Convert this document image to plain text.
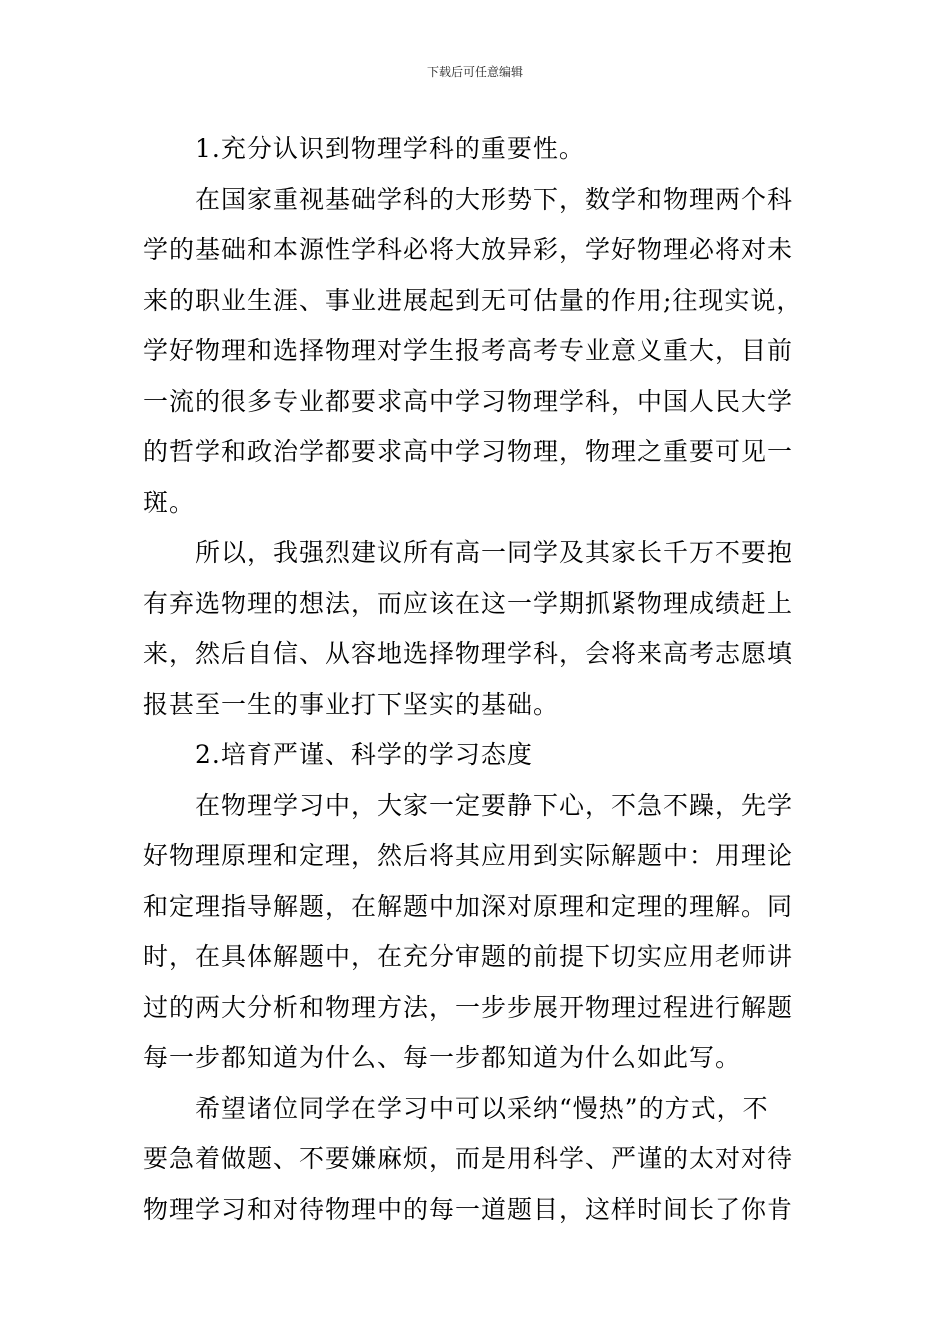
下载后可任意编辑
1.充分认识到物理学科的重要性。
在国家重视基础学科的大形势下，数学和物理两个科
学的基础和本源性学科必将大放异彩，学好物理必将对未
来的职业生涯、事业进展起到无可估量的作用;往现实说，
学好物理和选择物理对学生报考高考专业意义重大，目前
一流的很多专业都要求高中学习物理学科，中国人民大学
的哲学和政治学都要求高中学习物理，物理之重要可见一
斑。
所以，我强烈建议所有高一同学及其家长千万不要抱
有弃选物理的想法，而应该在这一学期抓紧物理成绩赶上
来，然后自信、从容地选择物理学科，会将来高考志愿填
报甚至一生的事业打下坚实的基础。
2.培育严谨、科学的学习态度
在物理学习中，大家一定要静下心，不急不躁，先学
好物理原理和定理，然后将其应用到实际解题中：用理论
和定理指导解题，在解题中加深对原理和定理的理解。同
时，在具体解题中，在充分审题的前提下切实应用老师讲
过的两大分析和物理方法，一步步展开物理过程进行解题
每一步都知道为什么、每一步都知道为什么如此写。
希望诸位同学在学习中可以采纳“慢热”的方式，不
要急着做题、不要嫌麻烦，而是用科学、严谨的太对对待
物理学习和对待物理中的每一道题目，这样时间长了你肯
